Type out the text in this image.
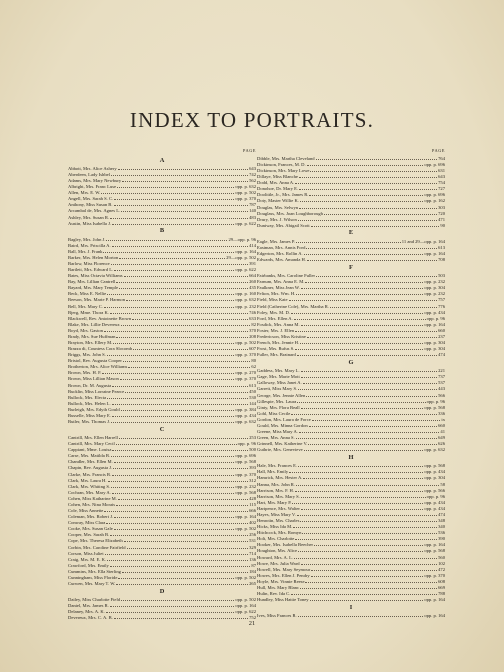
INDEX TO PORTRAITS.
PAGE
A
Abbott, Mrs. Alice Ashery	643
Aberdeen, Lady Ishbel	742
Adams, Mrs. Mary Newbury	562
Albright, Mrs. Franc Luse	opp. p. 632
Allen, Mrs. E. W.	opp. p. 502
Angell, Mrs. Sarah S. C.	opp. p. 370
Anthony, Miss Susan B.	787
Arcambal de, Mrs. Agnes L.	140
Ashley, Mrs. Susan R.	483
Austin, Miss Isabella J.	opp. p. 622
B
Bagley, Mrs. John J.	29—opp. p. 96
Baird, Mrs. Priscilla A.	414
Ball, Mrs. J. Frank	opp. p. 164
Barker, Mrs. Helen Morton	29—opp. p. 502
Barlow, Miss Florence	391
Bartlett, Mrs. Edward L.	opp. p. 622
Bates, Miss Octavia Williams	664
Bay, Mrs. Lillian Cantrell	260
Bayard, Mrs. Mary Temple	435
Beck, Miss E. Nellie	opp. p. 160
Beeson, Mrs. Marie P. Harmon	opp. p. 632
Bell, Mrs. Mary C.	opp. p. 232
Bjerg, Mme. Thora K.	746
Blackwell, Rev. Antoinette Brown	633
Blake, Mrs. Lillie Devereux	82
Boyd, Mrs. Gaston	370
Brady, Mrs. Sue Huffman	208
Brayton, Mrs. Ellery M.	opp. p. 502
Brazza di, Countess Cora Slocomb	607
Briggs, Mrs. John S.	opp. p. 370
Bristol, Rev. Augusta Cooper	80
Brotherton, Mrs. Alice Williams	62
Brown, Mrs. H. F.	opp. p. 270
Brown, Miss Lillian Mason	opp. p. 370
Brown, Dr. M. Augusta	613
Bucklin, Miss Lorraine Pearce	450
Bullock, Mrs. Electa	530
Bullock, Mrs. Helen L.	144
Burleigh, Mrs. Edyth Gould	opp. p. 384
Busselle, Miss Mary E.	opp. p. 434
Butler, Mrs. Thomas J.	opp. p. 632
C
Cantrill, Mrs. Ellen Harrell	253
Cantrill, Mrs. Mary Cecil	opp. p. 96
Cappiani, Mme. Louisa	500
Carse, Mrs. Matilda B.	opp. p. 696
Chandler, Mrs. Ellen M.	opp. p. 568
Chapin, Rev. Augusta J.	393
Clarke, Mrs. Francis B.	opp. p. 370
Clark, Mrs. Laura H.	312
Clark, Mrs. Whiting S.	opp. p. 232
Cochran, Mrs. Mary A.	opp. p. 568
Cohen, Miss Katharine M.	428
Cohen, Mrs. Nina Morais	115
Cole, Miss Annette	666
Coleman, Mrs. Robert J.	opp. p. 164
Conway, Miss Clara	402
Cooke, Mrs. Susan Gale	opp. p. 502
Cooper, Mrs. Sarah B.	256
Cope, Mrs. Theresa Elizabeth	531
Corbin, Mrs. Caroline Fairfield	329
Corson, Miss Juliet	714
Craig, Mrs. M. E. K.	136
Crawford, Mrs. Emily	87
Cummins, Mrs. Ella Sterling	184
Cunningham, Miss Floride	opp. p. 502
Curwen, Mrs. Mary T. W.	265
D
Dailey, Miss Charlotte Field	opp. p. 502
Daniel, Mrs. James R.	opp. p. 164
Delaney, Mrs. A. K.	opp. p. 622
Devereux, Mrs. C. A. B.	752
PAGE
Dibble, Mrs. Martha Cleveland	764
Dickinson, Frances, M. D.	opp. p. 696
Dickinson, Mrs. Mary Lowe	631
Dillaye, Miss Blanche	643
Dodd, Mrs. Anna A.	754
Donohoe, Dr. Mary E.	727
Doolittle, Jr., Mrs. James R.	opp. p. 696
Doty, Master Willie K.	opp. p. 162
Douglas, Mrs. Selwyn	303
Douglass, Mrs. Joan Loughborough	720
Drury, Mrs. J. Wilson	471
Duniway, Mrs. Abigail Scott	90
E
Eagle, Mrs. James P.	11 and 29—opp. p. 164
Eastman, Mrs. Annis Ford	613
Edgerton, Mrs. Rollin A.	opp. p. 164
Edwards, Mrs. Amanda H.	708
F
Fairbanks, Mrs. Caroline Fuller	503
Farnum, Mrs. Anna E. M.	opp. p. 232
Faulkner, Miss Jean W.	opp. p. 304
Felton, Mrs. Wm. H.	opp. p. 232
Field, Miss Kate	757
Field (Catherine Cole), Mrs. Martha R.	776
Foley, Mrs. M. D.	opp. p. 434
Ford, Mrs. Ellen A.	opp. p. 96
Fosdick, Mrs. Anna M.	opp. p. 164
Foster, Mrs. J. Ellen	660
Fredericson, Miss Kristine	237
French, Mrs. Jennie H.	opp. p. 304
Frost, Mrs. Rufus S.	opp. p. 304
Fuller, Mrs. Brainard	474
G
Gaddess, Mrs. Mary L.	221
Gage, Mrs. Marie Mott	737
Galloway, Miss Janet A.	537
Garrett, Miss Mary S.	443
George, Mrs. Jennie Allen	566
Gillespie, Mrs. Laura	opp. p. 96
Ginty, Mrs. Flora Beall	opp. p. 568
Gohl, Miss Cecile	336
Gordon, Mrs. Laura de Force	ix
Gould, Mrs. Minna Gordon	660
Greene, Miss Mary A.	41
Green, Mrs. Anna S.	649
Grinnell, Mrs. Katherine V.	626
Guthrie, Mrs. Genevieve	opp. p. 632
H
Hale, Mrs. Frances E.	opp. p. 568
Hall, Mrs. Emily	opp. p. 434
Hamrick, Mrs. Hester A.	opp. p. 304
Hanna, Mrs. John R.	58
Harrison, Mrs. F. H.	opp. p. 566
Harrison, Mrs. Mary S.	opp. p. 96
Hart, Mrs. Mary P.	opp. p. 434
Hartpence, Mrs. Walter	opp. p. 434
Hayes, Miss Mary V.	474
Henrotin, Mrs. Charles	348
Hicks, Miss Ida M.	340
Hitchcock, Mrs. Romyn	536
Holt, Mrs. Charlotte	390
Hooker, Mrs. Isabella Beecher	opp. p. 164
Houghton, Mrs. Alice	opp. p. 568
Howard, Mrs. A. L.	560
Howe, Mrs. Julia Ward	102
Howell, Mrs. Mary Seymour	472
Howes, Mrs. Ellen J. Pendry	opp. p. 370
Hoyle, Mrs. Vinnie Reese	608
Hull, Mrs. Mary Blanc	669
Hulin, Rev. Ida C.	788
Hundley, Miss Hattie Toney	opp. p. 164
I
Ives, Miss Frances R.	opp. p. 164
21
